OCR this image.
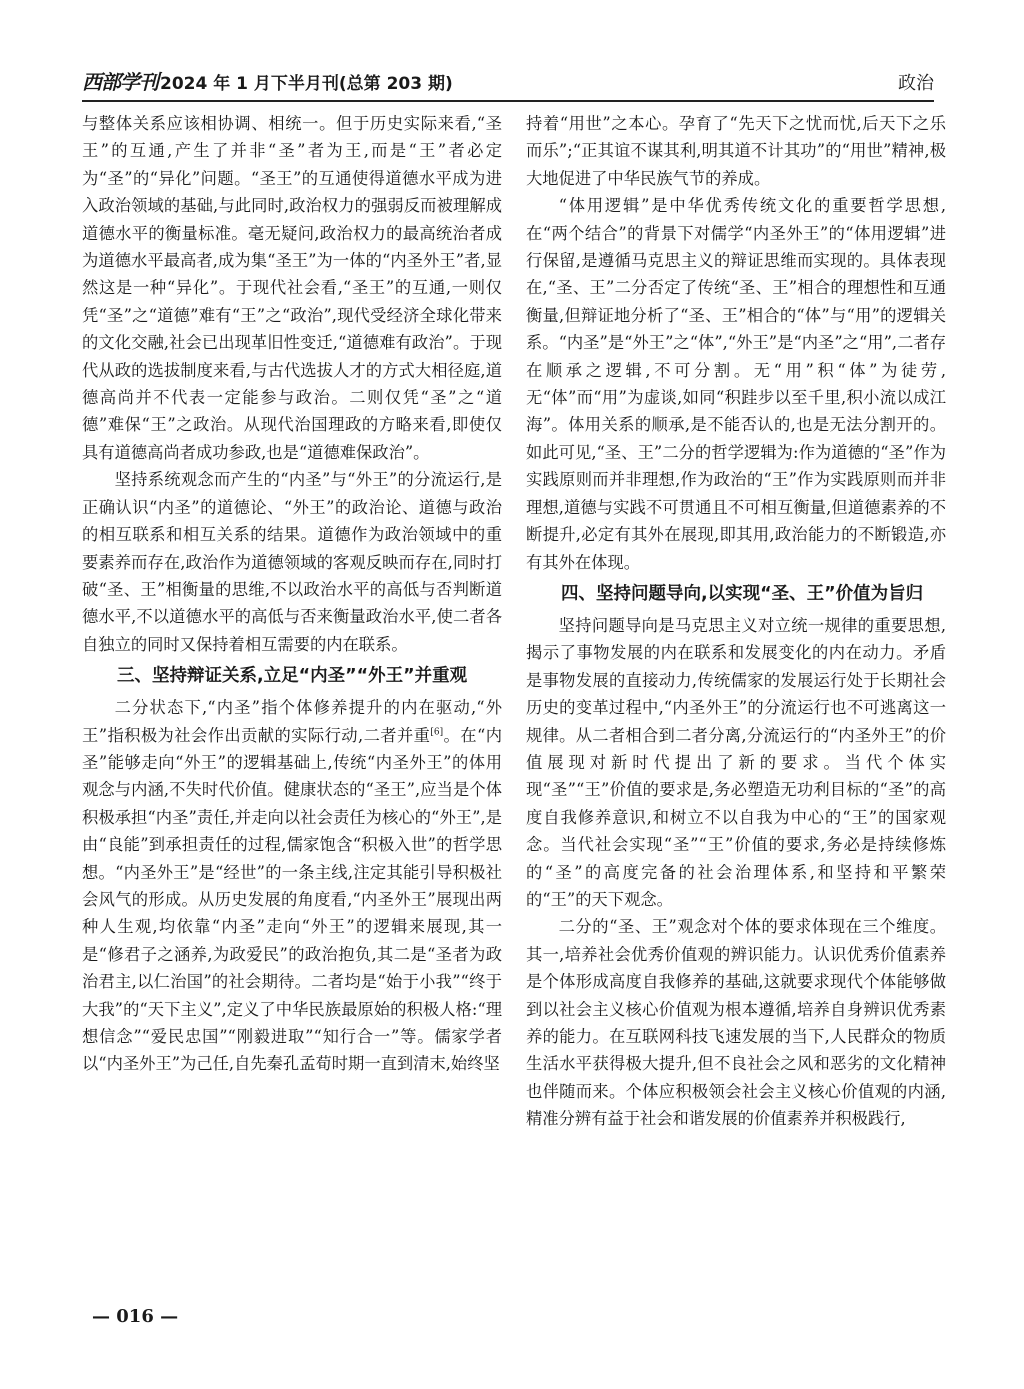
西部学刊 2024 年 1 月下半月刊(总第 203 期)	政治

与整体关系应该相协调、相统一。但于历史实际来看,“圣王”的互通,产生了并非“圣”者为王,而是“王”者必定为“圣”的“异化”问题。“圣王”的互通使得道德水平成为进入政治领域的基础,与此同时,政治权力的强弱反而被理解成道德水平的衡量标准。毫无疑问,政治权力的最高统治者成为道德水平最高者,成为集“圣王”为一体的“内圣外王”者,显然这是一种“异化”。于现代社会看,“圣王”的互通,一则仅凭“圣”之“道德”难有“王”之“政治”,现代受经济全球化带来的文化交融,社会已出现革旧性变迁,“道德难有政治”。于现代从政的选拔制度来看,与古代选拔人才的方式大相径庭,道德高尚并不代表一定能参与政治。二则仅凭“圣”之“道德”难保“王”之政治。从现代治国理政的方略来看,即使仅具有道德高尚者成功参政,也是“道德难保政治”。

坚持系统观念而产生的“内圣”与“外王”的分流运行,是正确认识“内圣”的道德论、“外王”的政治论、道德与政治的相互联系和相互关系的结果。道德作为政治领域中的重要素养而存在,政治作为道德领域的客观反映而存在,同时打破“圣、王”相衡量的思维,不以政治水平的高低与否判断道德水平,不以道德水平的高低与否来衡量政治水平,使二者各自独立的同时又保持着相互需要的内在联系。

三、坚持辩证关系,立足“内圣”“外王”并重观

二分状态下,“内圣”指个体修养提升的内在驱动,“外王”指积极为社会作出贡献的实际行动,二者并重[6]。在“内圣”能够走向“外王”的逻辑基础上,传统“内圣外王”的体用观念与内涵,不失时代价值。健康状态的“圣王”,应当是个体积极承担“内圣”责任,并走向以社会责任为核心的“外王”,是由“良能”到承担责任的过程,儒家饱含“积极入世”的哲学思想。“内圣外王”是“经世”的一条主线,注定其能引导积极社会风气的形成。从历史发展的角度看,“内圣外王”展现出两种人生观,均依靠“内圣”走向“外王”的逻辑来展现,其一是“修君子之涵养,为政爱民”的政治抱负,其二是“圣者为政治君主,以仁治国”的社会期待。二者均是“始于小我”“终于大我”的“天下主义”,定义了中华民族最原始的积极人格:“理想信念”“爱民忠国”“刚毅进取”“知行合一”等。儒家学者以“内圣外王”为己任,自先秦孔孟荀时期一直到清末,始终坚

持着“用世”之本心。孕育了“先天下之忧而忧,后天下之乐而乐”;“正其谊不谋其利,明其道不计其功”的“用世”精神,极大地促进了中华民族气节的养成。

“体用逻辑”是中华优秀传统文化的重要哲学思想,在“两个结合”的背景下对儒学“内圣外王”的“体用逻辑”进行保留,是遵循马克思主义的辩证思维而实现的。具体表现在,“圣、王”二分否定了传统“圣、王”相合的理想性和互通衡量,但辩证地分析了“圣、王”相合的“体”与“用”的逻辑关系。“内圣”是“外王”之“体”,“外王”是“内圣”之“用”,二者存在顺承之逻辑,不可分割。无“用”积“体”为徒劳,无“体”而“用”为虚谈,如同“积跬步以至千里,积小流以成江海”。体用关系的顺承,是不能否认的,也是无法分割开的。如此可见,“圣、王”二分的哲学逻辑为:作为道德的“圣”作为实践原则而并非理想,作为政治的“王”作为实践原则而并非理想,道德与实践不可贯通且不可相互衡量,但道德素养的不断提升,必定有其外在展现,即其用,政治能力的不断锻造,亦有其外在体现。

四、坚持问题导向,以实现“圣、王”价值为旨归

坚持问题导向是马克思主义对立统一规律的重要思想,揭示了事物发展的内在联系和发展变化的内在动力。矛盾是事物发展的直接动力,传统儒家的发展运行处于长期社会历史的变革过程中,“内圣外王”的分流运行也不可逃离这一规律。从二者相合到二者分离,分流运行的“内圣外王”的价值展现对新时代提出了新的要求。当代个体实现“圣”“王”价值的要求是,务必塑造无功利目标的“圣”的高度自我修养意识,和树立不以自我为中心的“王”的国家观念。当代社会实现“圣”“王”价值的要求,务必是持续修炼的“圣”的高度完备的社会治理体系,和坚持和平繁荣的“王”的天下观念。

二分的“圣、王”观念对个体的要求体现在三个维度。其一,培养社会优秀价值观的辨识能力。认识优秀价值素养是个体形成高度自我修养的基础,这就要求现代个体能够做到以社会主义核心价值观为根本遵循,培养自身辨识优秀素养的能力。在互联网科技飞速发展的当下,人民群众的物质生活水平获得极大提升,但不良社会之风和恶劣的文化精神也伴随而来。个体应积极领会社会主义核心价值观的内涵,精准分辨有益于社会和谐发展的价值素养并积极践行,

— 016 —
